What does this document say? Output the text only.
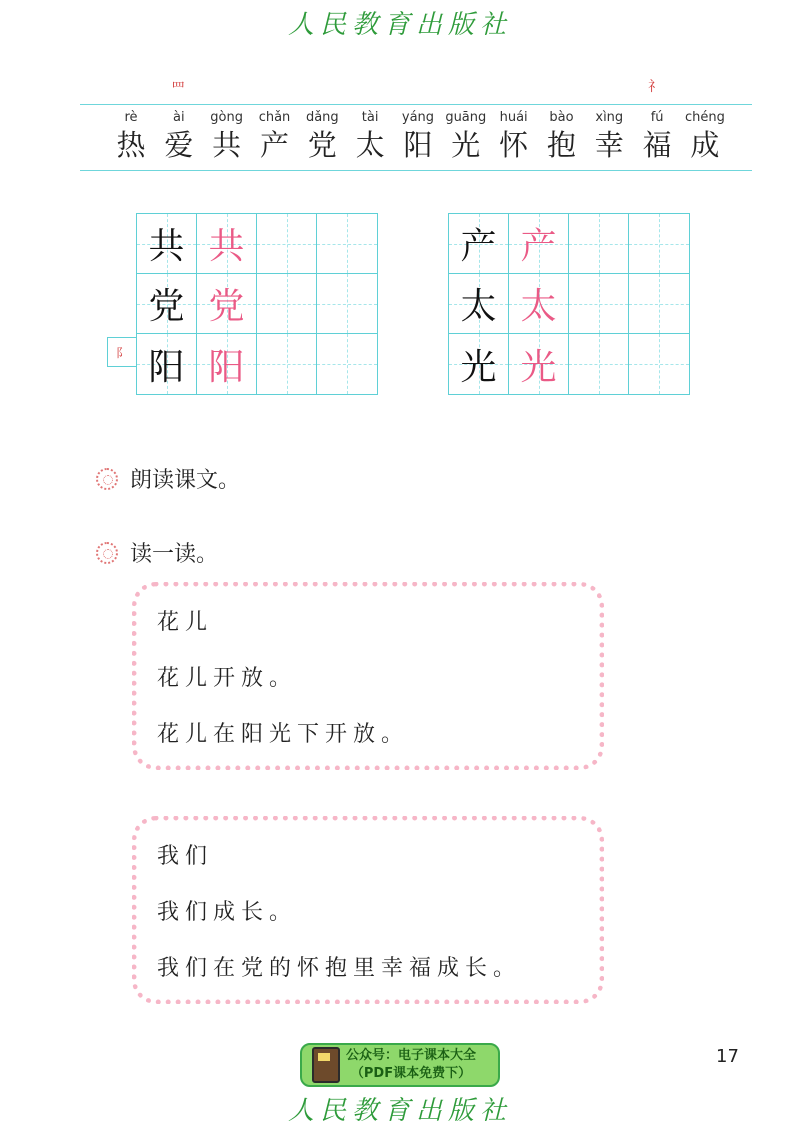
人民教育出版社
罒	礻
rè
热
ài
爱
gòng
共
chǎn
产
dǎng
党
tài
太
yáng
阳
guāng
光
huái
怀
bào
抱
xìng
幸
fú
福
chéng
成
阝
共 共
党 党
阳 阳
产 产
太 太
光 光
朗读课文。
读一读。
花儿
花儿开放。
花儿在阳光下开放。
我们
我们成长。
我们在党的怀抱里幸福成长。
公众号：电子课本大全
（PDF课本免费下）
17
人民教育出版社
